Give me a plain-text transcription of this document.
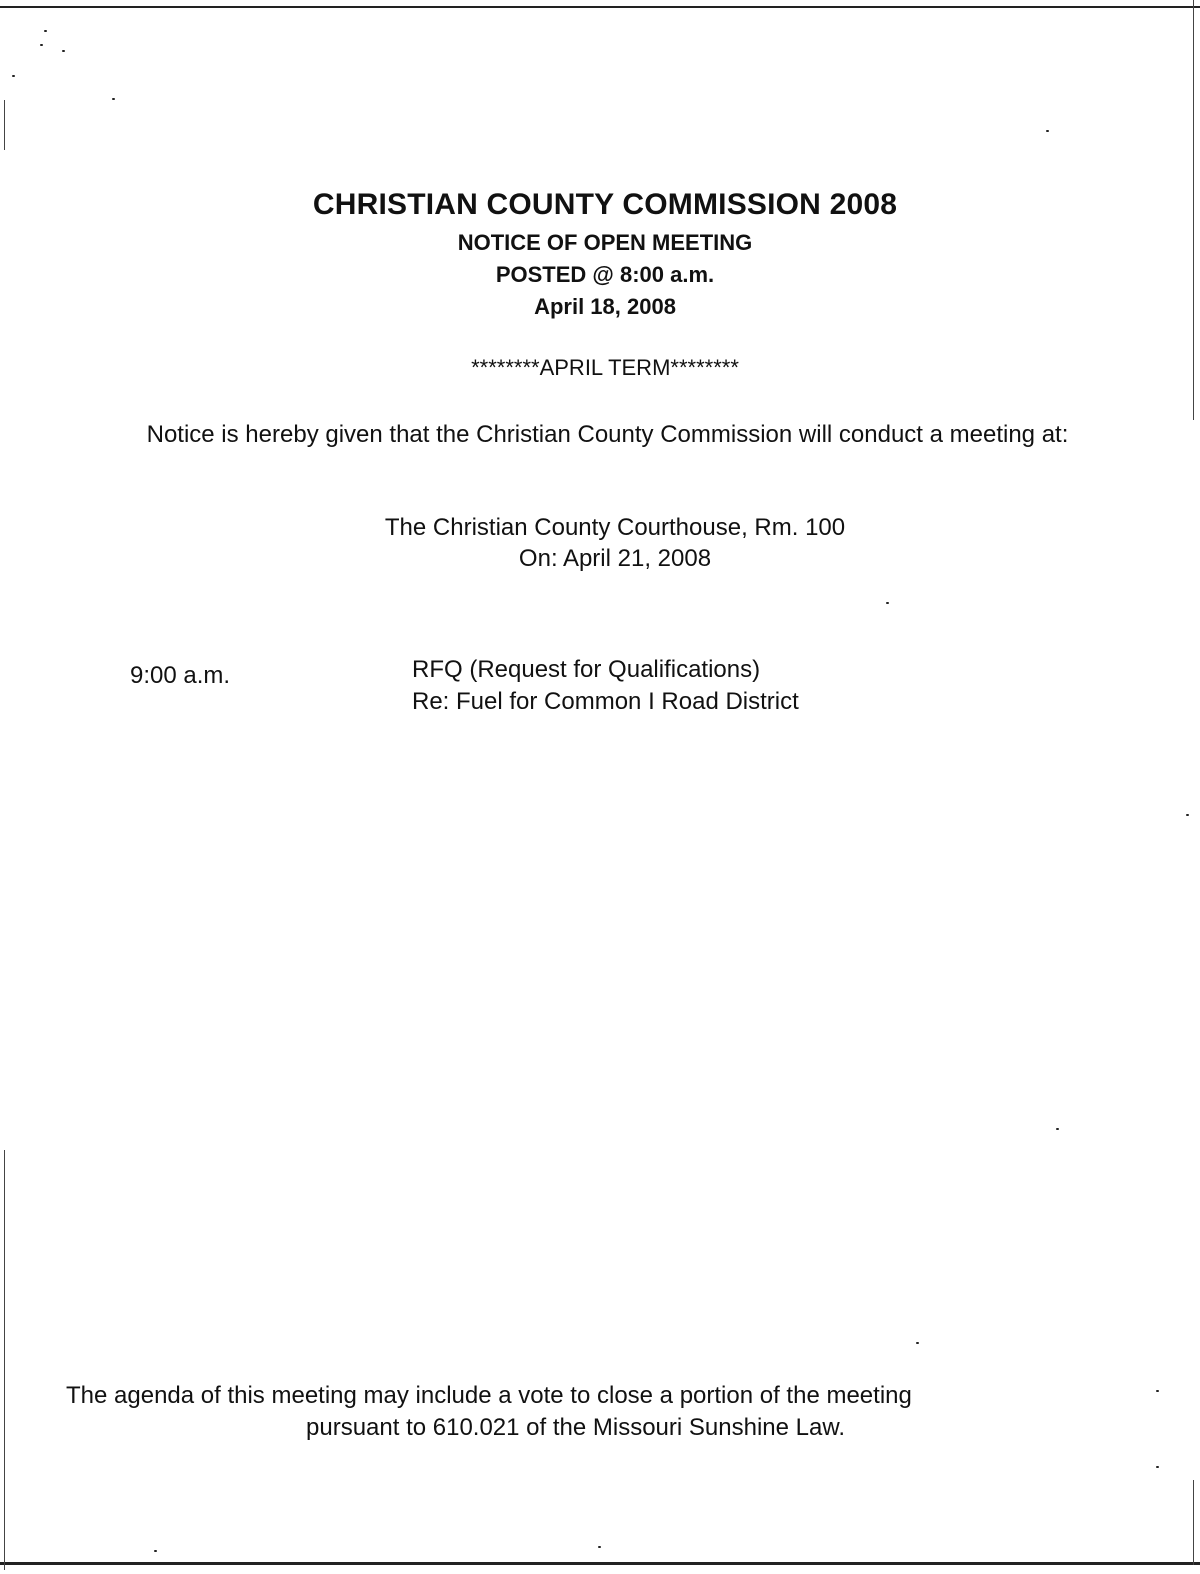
CHRISTIAN COUNTY COMMISSION 2008
NOTICE OF OPEN MEETING
POSTED @ 8:00 a.m.
April 18, 2008
********APRIL TERM********
Notice is hereby given that the Christian County Commission will conduct a meeting at:
The Christian County Courthouse, Rm. 100
On: April 21, 2008
9:00 a.m.	RFQ (Request for Qualifications)
Re: Fuel for Common I Road District
The agenda of this meeting may include a vote to close a portion of the meeting
pursuant to 610.021 of the Missouri Sunshine Law.
